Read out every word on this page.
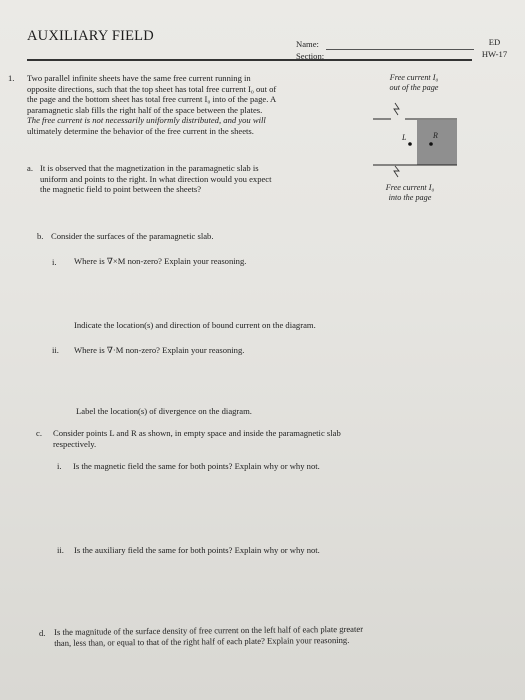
AUXILIARY FIELD	Name:
Section:
ED
HW-17
1. Two parallel infinite sheets have the same free current running in
opposite directions, such that the top sheet has total free current I₀ out of
the page and the bottom sheet has total free current I₀ into of the page. A
paramagnetic slab fills the right half of the space between the plates.
The free current is not necessarily uniformly distributed, and you will
ultimately determine the behavior of the free current in the sheets.
Free current I₀
out of the page
L	R
Free current I₀
into the page
a. It is observed that the magnetization in the paramagnetic slab is
uniform and points to the right. In what direction would you expect
the magnetic field to point between the sheets?
b. Consider the surfaces of the paramagnetic slab.
i. Where is ∇×M non-zero? Explain your reasoning.
Indicate the location(s) and direction of bound current on the diagram.
ii. Where is ∇·M non-zero? Explain your reasoning.
Label the location(s) of divergence on the diagram.
c. Consider points L and R as shown, in empty space and inside the paramagnetic slab
respectively.
i. Is the magnetic field the same for both points? Explain why or why not.
ii. Is the auxiliary field the same for both points? Explain why or why not.
d. Is the magnitude of the surface density of free current on the left half of each plate greater
than, less than, or equal to that of the right half of each plate? Explain your reasoning.
